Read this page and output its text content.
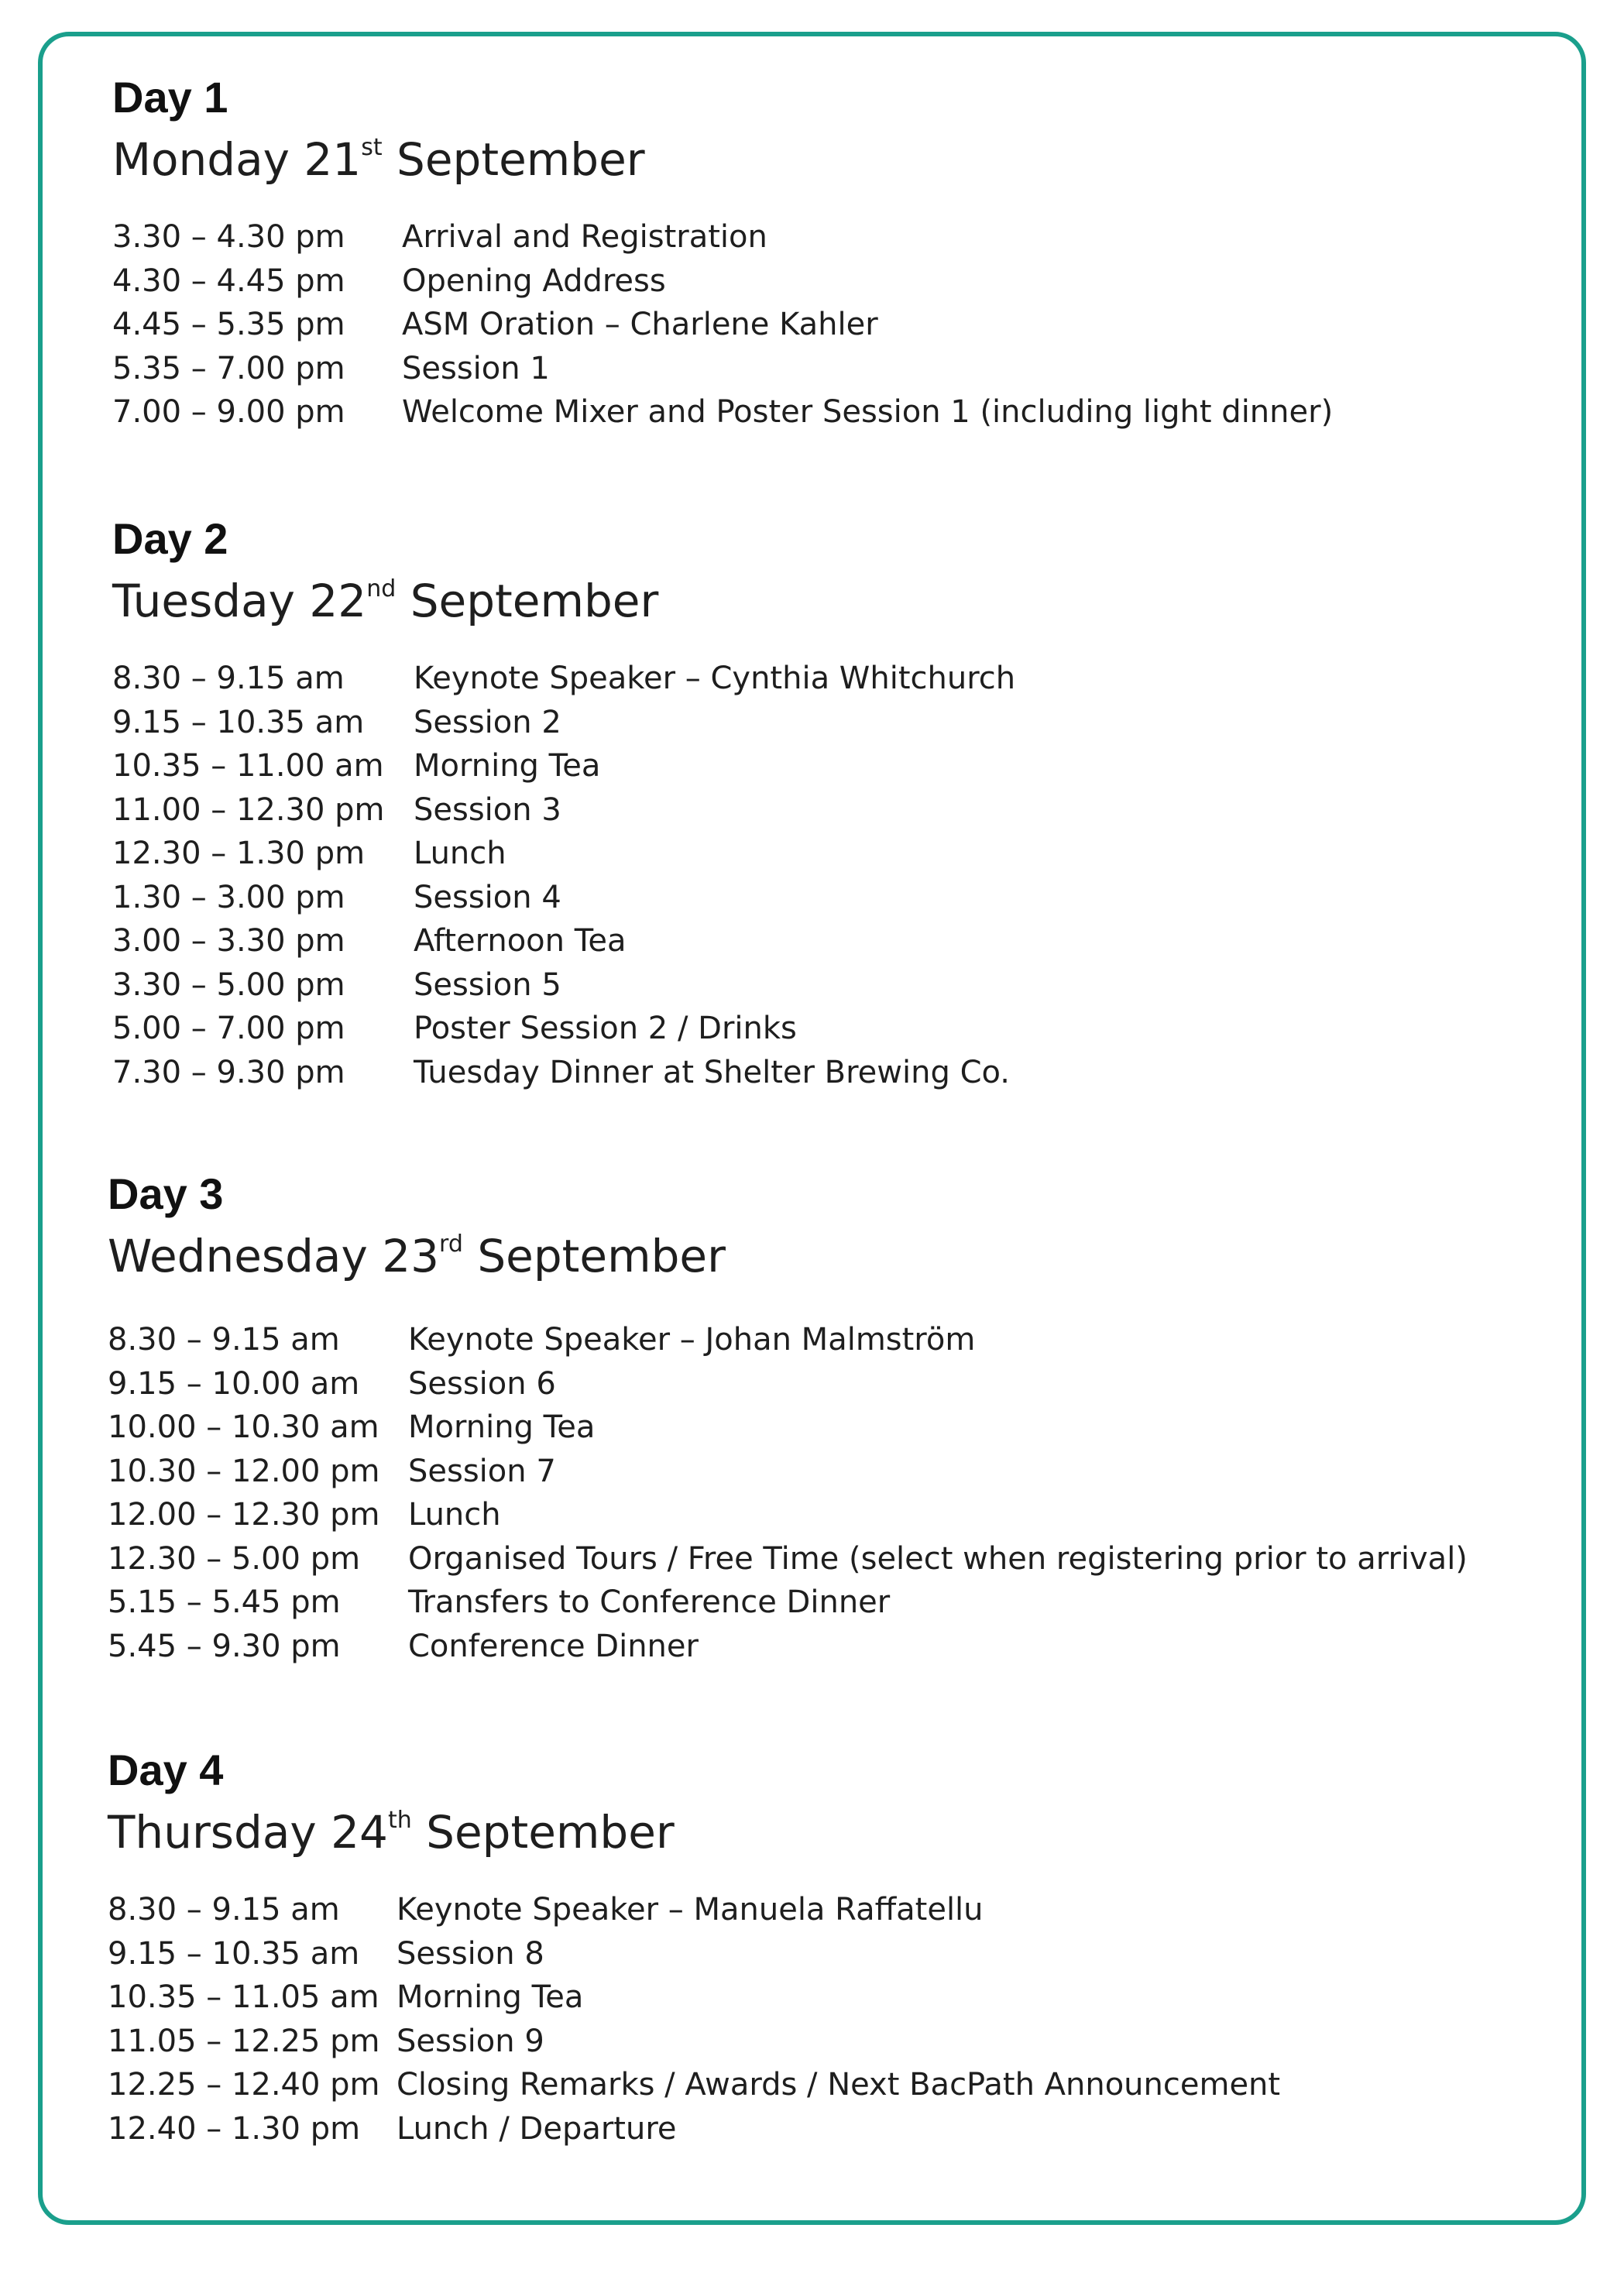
Day 1
Monday 21st September
3.30 – 4.30 pm	Arrival and Registration
4.30 – 4.45 pm	Opening Address
4.45 – 5.35 pm	ASM Oration – Charlene Kahler
5.35 – 7.00 pm	Session 1
7.00 – 9.00 pm	Welcome Mixer and Poster Session 1 (including light dinner)
Day 2
Tuesday 22nd September
8.30 – 9.15 am	Keynote Speaker – Cynthia Whitchurch
9.15 – 10.35 am	Session 2
10.35 – 11.00 am Morning Tea
11.00 – 12.30 pm Session 3
12.30 – 1.30 pm	Lunch
1.30 – 3.00 pm	Session 4
3.00 – 3.30 pm	Afternoon Tea
3.30 – 5.00 pm	Session 5
5.00 – 7.00 pm	Poster Session 2 / Drinks
7.30 – 9.30 pm	Tuesday Dinner at Shelter Brewing Co.
Day 3
Wednesday 23rd September
8.30 – 9.15 am	Keynote Speaker – Johan Malmström
9.15 – 10.00 am	Session 6
10.00 – 10.30 am Morning Tea
10.30 – 12.00 pm Session 7
12.00 – 12.30 pm Lunch
12.30 – 5.00 pm	Organised Tours / Free Time (select when registering prior to arrival)
5.15 – 5.45 pm	Transfers to Conference Dinner
5.45 – 9.30 pm	Conference Dinner
Day 4
Thursday 24th September
8.30 – 9.15 am	Keynote Speaker – Manuela Raffatellu
9.15 – 10.35 am	Session 8
10.35 – 11.05 am Morning Tea
11.05 – 12.25 pm Session 9
12.25 – 12.40 pm Closing Remarks / Awards / Next BacPath Announcement
12.40 – 1.30 pm	Lunch / Departure
